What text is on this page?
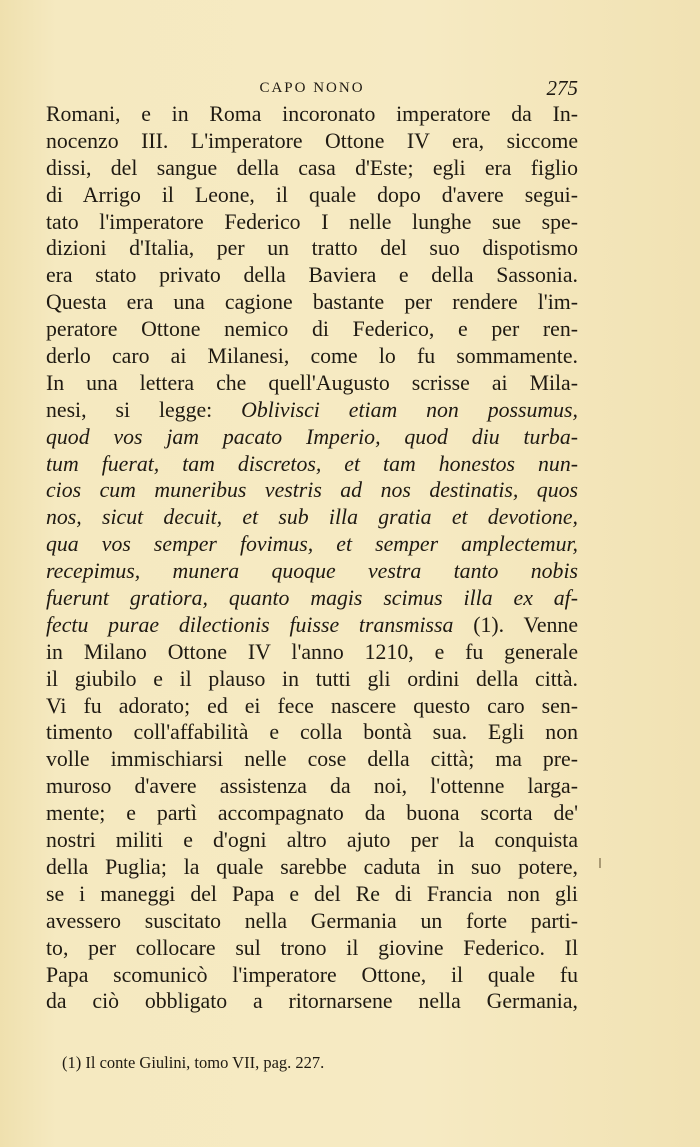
CAPO NONO	275
Romani, e in Roma incoronato imperatore da In-
nocenzo III. L'imperatore Ottone IV era, siccome
dissi, del sangue della casa d'Este; egli era figlio
di Arrigo il Leone, il quale dopo d'avere segui-
tato l'imperatore Federico I nelle lunghe sue spe-
dizioni d'Italia, per un tratto del suo dispotismo
era stato privato della Baviera e della Sassonia.
Questa era una cagione bastante per rendere l'im-
peratore Ottone nemico di Federico, e per ren-
derlo caro ai Milanesi, come lo fu sommamente.
In una lettera che quell'Augusto scrisse ai Mila-
nesi, si legge: Oblivisci etiam non possumus,
quod vos jam pacato Imperio, quod diu turba-
tum fuerat, tam discretos, et tam honestos nun-
cios cum muneribus vestris ad nos destinatis, quos
nos, sicut decuit, et sub illa gratia et devotione,
qua vos semper fovimus, et semper amplectemur,
recepimus, munera quoque vestra tanto nobis
fuerunt gratiora, quanto magis scimus illa ex af-
fectu purae dilectionis fuisse transmissa (1). Venne
in Milano Ottone IV l'anno 1210, e fu generale
il giubilo e il plauso in tutti gli ordini della città.
Vi fu adorato; ed ei fece nascere questo caro sen-
timento coll'affabilità e colla bontà sua. Egli non
volle immischiarsi nelle cose della città; ma pre-
muroso d'avere assistenza da noi, l'ottenne larga-
mente; e partì accompagnato da buona scorta de'
nostri militi e d'ogni altro ajuto per la conquista
della Puglia; la quale sarebbe caduta in suo potere,
se i maneggi del Papa e del Re di Francia non gli
avessero suscitato nella Germania un forte parti-
to, per collocare sul trono il giovine Federico. Il
Papa scomunicò l'imperatore Ottone, il quale fu
da ciò obbligato a ritornarsene nella Germania,
(1) Il conte Giulini, tomo VII, pag. 227.
